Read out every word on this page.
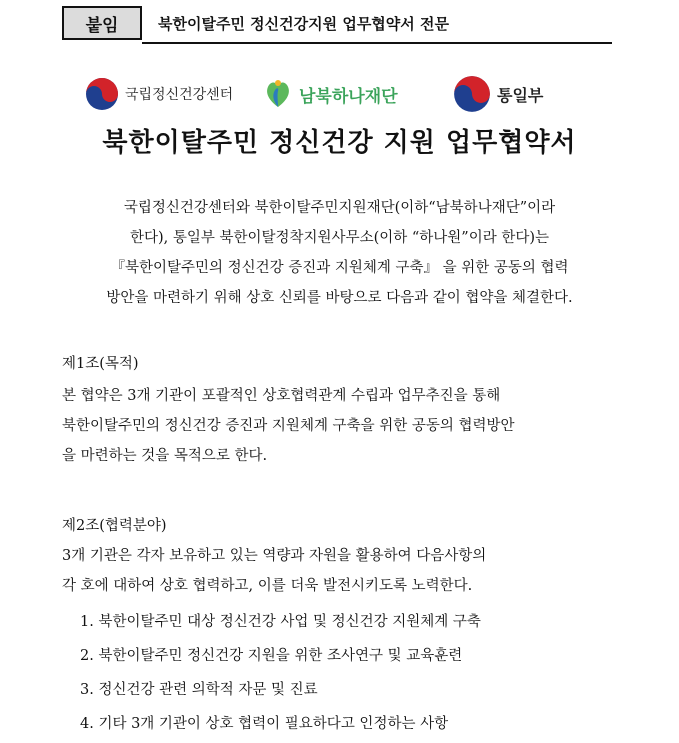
붙임	북한이탈주민 정신건강지원 업무협약서 전문
국립정신건강센터	남북하나재단	통일부
북한이탈주민 정신건강 지원 업무협약서
국립정신건강센터와 북한이탈주민지원재단(이하“남북하나재단”이라
한다), 통일부 북한이탈정착지원사무소(이하 “하나원”이라 한다)는
『북한이탈주민의 정신건강 증진과 지원체계 구축』 을 위한 공동의 협력
방안을 마련하기 위해 상호 신뢰를 바탕으로 다음과 같이 협약을 체결한다.
제1조(목적)
본 협약은 3개 기관이 포괄적인 상호협력관계 수립과 업무추진을 통해
북한이탈주민의 정신건강 증진과 지원체계 구축을 위한 공동의 협력방안
을 마련하는 것을 목적으로 한다.
제2조(협력분야)
3개 기관은 각자 보유하고 있는 역량과 자원을 활용하여 다음사항의
각 호에 대하여 상호 협력하고, 이를 더욱 발전시키도록 노력한다.
1. 북한이탈주민 대상 정신건강 사업 및 정신건강 지원체계 구축
2. 북한이탈주민 정신건강 지원을 위한 조사연구 및 교육훈련
3. 정신건강 관련 의학적 자문 및 진료
4. 기타 3개 기관이 상호 협력이 필요하다고 인정하는 사항
